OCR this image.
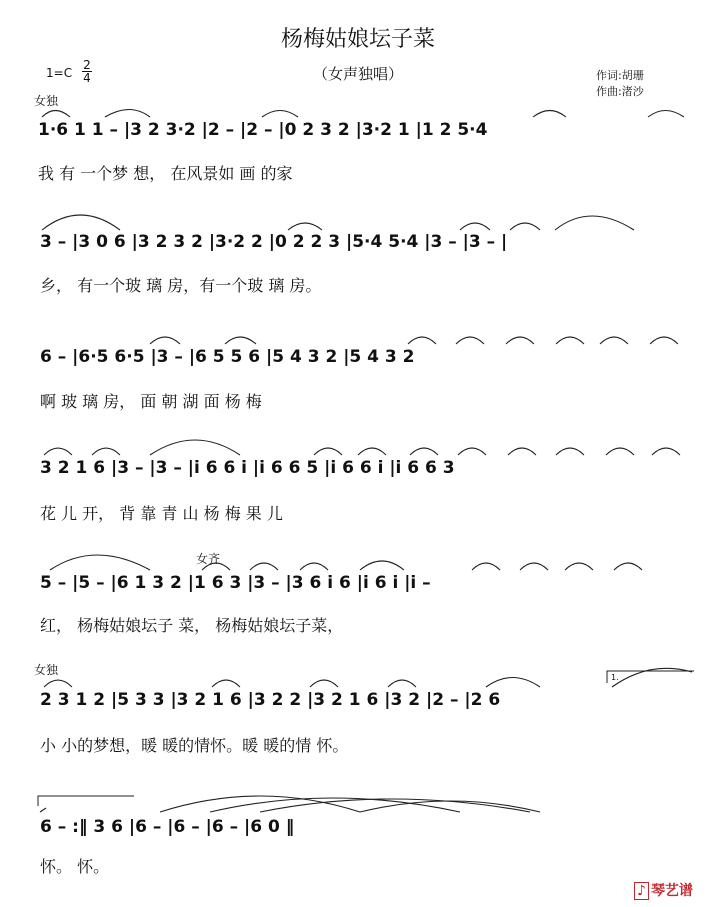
杨梅姑娘坛子菜
（女声独唱）
1=C
2
4	作词:胡珊
作曲:渚沙
女独
女齐
女独
1.
1·6 1 1 – |3 2 3·2 |2 – |2 – |0 2 3 2 |3·2 1 |1 2 5·4
我 有 一个梦 想， 在风景如 画 的家
3 – |3 0 6 |3 2 3 2 |3·2 2 |0 2 2 3 |5·4 5·4 |3 – |3 – |
乡， 有一个玻 璃 房，有一个玻 璃 房。
6 – |6·5 6·5 |3 – |6 5 5 6 |5 4 3 2 |5 4 3 2
啊 玻 璃 房， 面 朝 湖 面 杨 梅
3 2 1 6 |3 – |3 – |i 6 6 i |i 6 6 5 |i 6 6 i |i 6 6 3
花 儿 开， 背 靠 青 山 杨 梅 果 儿
5 – |5 – |6 1 3 2 |1 6 3 |3 – |3 6 i 6 |i 6 i |i –
红， 杨梅姑娘坛子 菜， 杨梅姑娘坛子菜，
2 3 1 2 |5 3 3 |3 2 1 6 |3 2 2 |3 2 1 6 |3 2 |2 – |2 6
小 小的梦想，暖 暖的情怀。暖 暖的情 怀。
6 – :‖ 3 6 |6 – |6 – |6 – |6 0 ‖
怀。 怀。
♪ 琴艺谱
